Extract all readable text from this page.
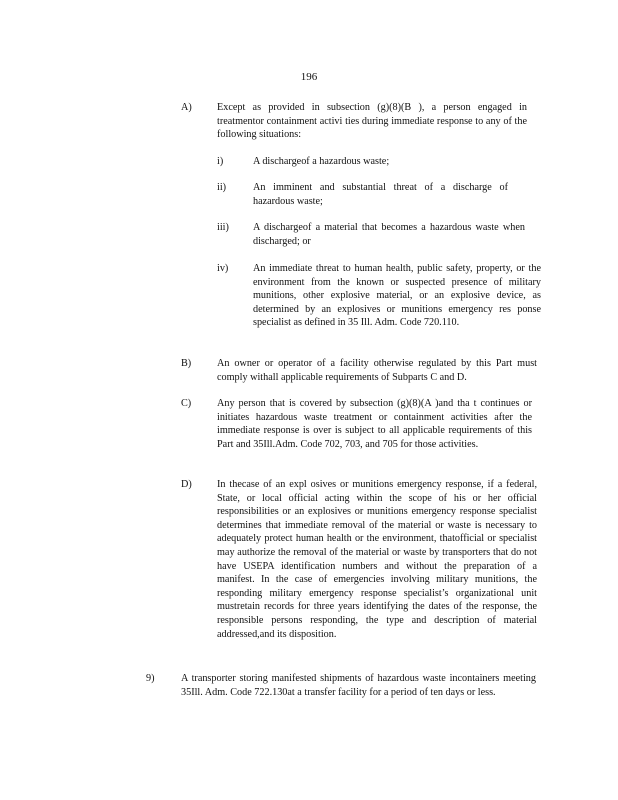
196
A) Except as provided in subsection (g)(8)(B ), a person engaged in treatmentor containment activi ties during immediate response to any of the following situations:
i)	A dischargeof a hazardous waste;
ii)	An imminent and substantial threat of a discharge of hazardous waste;
iii) A dischargeof a material that becomes a hazardous waste when discharged; or
iv) An immediate threat to human health, public safety, property, or the environment from the known or suspected presence of military munitions, other explosive material, or an explosive device, as determined by an explosives or munitions emergency res ponse specialist as defined in 35 Ill. Adm. Code 720.110.
B)	An owner or operator of a facility otherwise regulated by this Part must comply withall applicable requirements of Subparts C and D.
C)	Any person that is covered by subsection (g)(8)(A )and tha t continues or initiates hazardous waste treatment or containment activities after the immediate response is over is subject to all applicable requirements of this Part and 35Ill.Adm. Code 702, 703, and 705 for those activities.
D) In thecase of an expl osives or munitions emergency response, if a federal, State, or local official acting within the scope of his or her official responsibilities or an explosives or munitions emergency response specialist determines that immediate removal of the material or waste is necessary to adequately protect human health or the environment, thatofficial or specialist may authorize the removal of the material or waste by transporters that do not have USEPA identification numbers and without the preparation of a manifest. In the case of emergencies involving military munitions, the responding military emergency response specialist’s organizational unit mustretain records for three years identifying the dates of the response, the responsible persons responding, the type and description of material addressed,and its disposition.
9)	A transporter storing manifested shipments of hazardous waste incontainers meeting 35Ill. Adm. Code 722.130at a transfer facility for a period of ten days or less.
